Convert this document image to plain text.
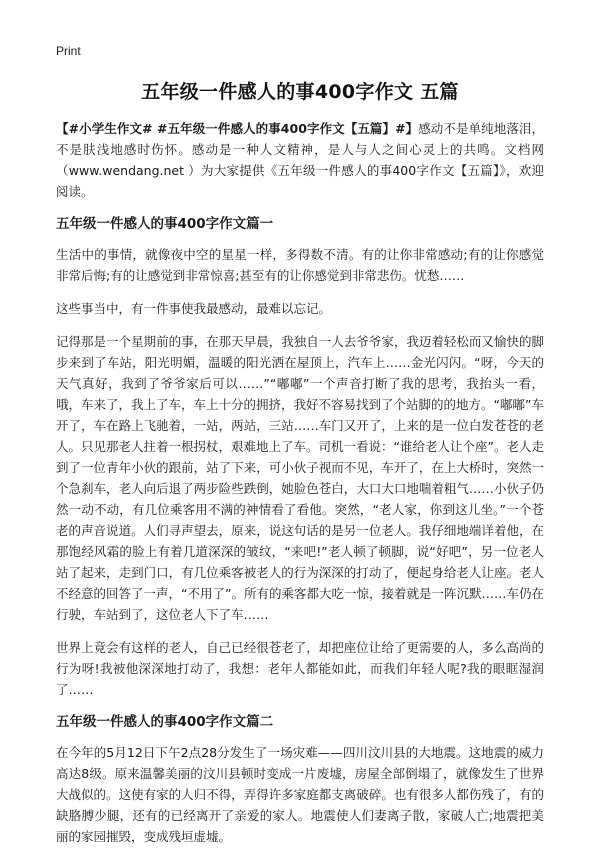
Print
五年级一件感人的事400字作文 五篇

【#小学生作文# #五年级一件感人的事400字作文【五篇】#】感动不是单纯地落泪，不是肤浅地感时伤怀。感动是一种人文精神，是人与人之间心灵上的共鸣。文档网（www.wendang.net ）为大家提供《五年级一件感人的事400字作文【五篇】》，欢迎阅读。

五年级一件感人的事400字作文篇一

生活中的事情，就像夜中空的星星一样，多得数不清。有的让你非常感动;有的让你感觉非常后悔;有的让感觉到非常惊喜;甚至有的让你感觉到非常悲伤。忧愁……

这些事当中，有一件事使我最感动，最难以忘记。

记得那是一个星期前的事，在那天早晨，我独自一人去爷爷家，我迈着轻松而又愉快的脚步来到了车站，阳光明媚，温暖的阳光洒在屋顶上，汽车上……金光闪闪。“呀，今天的天气真好，我到了爷爷家后可以……”“嘟嘟”一个声音打断了我的思考，我抬头一看，哦，车来了，我上了车，车上十分的拥挤，我好不容易找到了个站脚的的地方。“嘟嘟”车开了，车在路上飞驰着，一站，两站，三站……车门又开了，上来的是一位白发苍苍的老人。只见那老人拄着一根拐杖，艰难地上了车。司机一看说：“谁给老人让个座”。老人走到了一位青年小伙的跟前，站了下来，可小伙子视而不见，车开了，在上大桥时，突然一个急刹车，老人向后退了两步险些跌倒，她脸色苍白，大口大口地喘着粗气……小伙子仍然一动不动，有几位乘客用不满的神情看了看他。突然，“老人家，你到这儿坐。”一个苍老的声音说道。人们寻声望去，原来，说这句话的是另一位老人。我仔细地端详着他，在那饱经风霜的脸上有着几道深深的皱纹，“来吧!”老人顿了顿脚，说“好吧”，另一位老人站了起来，走到门口，有几位乘客被老人的行为深深的打动了，便起身给老人让座。老人不经意的回答了一声，“不用了”。所有的乘客都大吃一惊，接着就是一阵沉默……车仍在行驶，车站到了，这位老人下了车……

世界上竟会有这样的老人，自己已经很苍老了，却把座位让给了更需要的人，多么高尚的行为呀!我被他深深地打动了，我想：老年人都能如此，而我们年轻人呢?我的眼眶湿润了……

五年级一件感人的事400字作文篇二

在今年的5月12日下午2点28分发生了一场灾难——四川汶川县的大地震。这地震的威力高达8级。原来温馨美丽的汶川县顿时变成一片废墟，房屋全部倒塌了，就像发生了世界大战似的。这使有家的人归不得，弄得许多家庭都支离破碎。也有很多人都伤残了，有的缺胳膊少腿，还有的已经离开了亲爱的家人。地震使人们妻离子散，家破人亡;地震把美丽的家园摧毁，变成残垣虚墟。
